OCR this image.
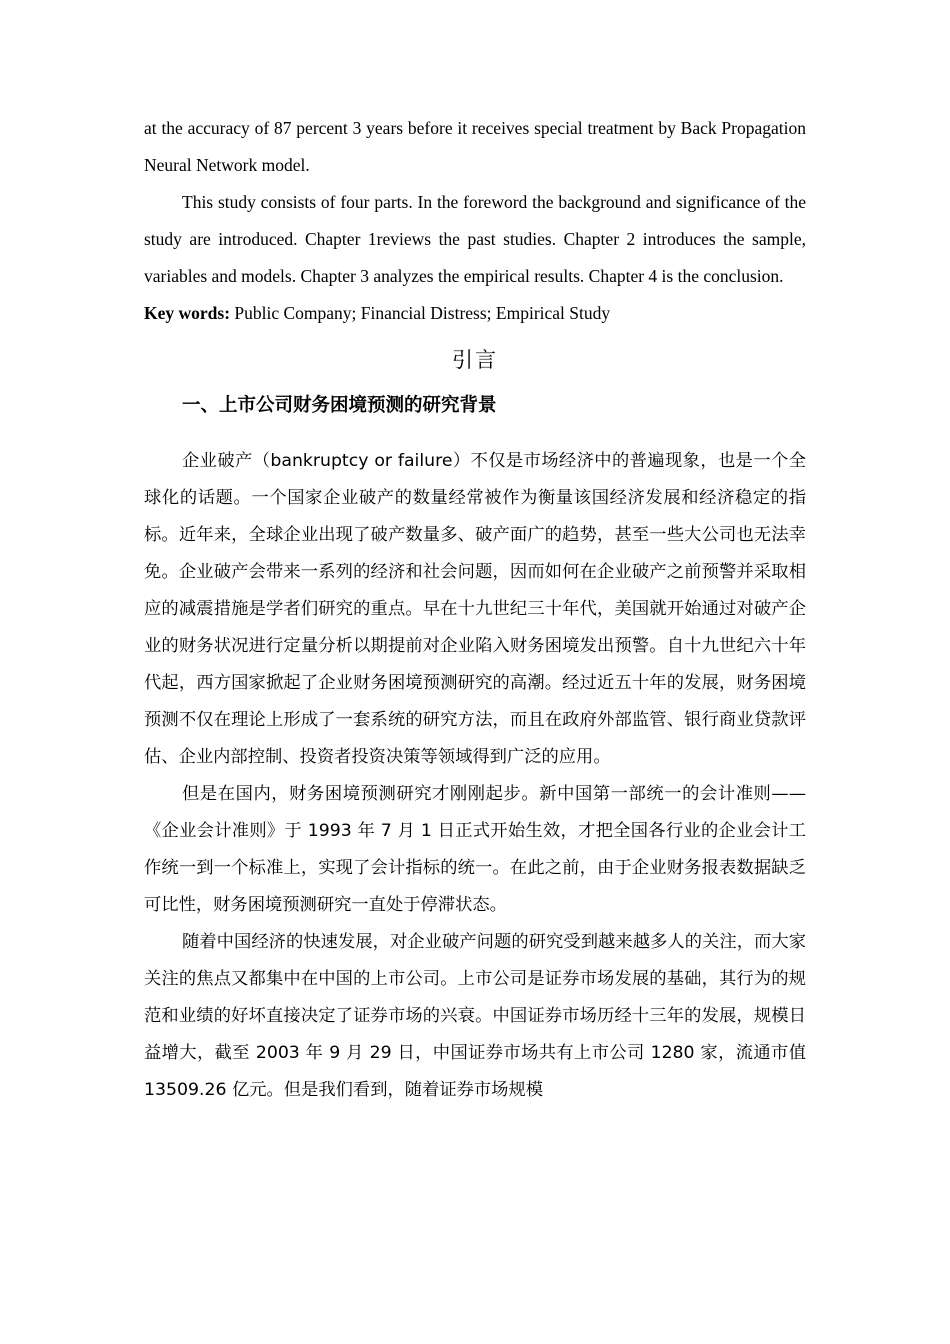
at the accuracy of 87 percent 3 years before it receives special treatment by Back Propagation Neural Network model.

This study consists of four parts. In the foreword the background and significance of the study are introduced. Chapter 1reviews the past studies. Chapter 2 introduces the sample, variables and models. Chapter 3 analyzes the empirical results. Chapter 4 is the conclusion.

Key words: Public Company; Financial Distress; Empirical Study

引言

一、上市公司财务困境预测的研究背景

企业破产（bankruptcy or failure）不仅是市场经济中的普遍现象，也是一个全球化的话题。一个国家企业破产的数量经常被作为衡量该国经济发展和经济稳定的指标。近年来，全球企业出现了破产数量多、破产面广的趋势，甚至一些大公司也无法幸免。企业破产会带来一系列的经济和社会问题，因而如何在企业破产之前预警并采取相应的减震措施是学者们研究的重点。早在十九世纪三十年代，美国就开始通过对破产企业的财务状况进行定量分析以期提前对企业陷入财务困境发出预警。自十九世纪六十年代起，西方国家掀起了企业财务困境预测研究的高潮。经过近五十年的发展，财务困境预测不仅在理论上形成了一套系统的研究方法，而且在政府外部监管、银行商业贷款评估、企业内部控制、投资者投资决策等领域得到广泛的应用。

但是在国内，财务困境预测研究才刚刚起步。新中国第一部统一的会计准则——《企业会计准则》于 1993 年 7 月 1 日正式开始生效，才把全国各行业的企业会计工作统一到一个标准上，实现了会计指标的统一。在此之前，由于企业财务报表数据缺乏可比性，财务困境预测研究一直处于停滞状态。

随着中国经济的快速发展，对企业破产问题的研究受到越来越多人的关注，而大家关注的焦点又都集中在中国的上市公司。上市公司是证券市场发展的基础，其行为的规范和业绩的好坏直接决定了证券市场的兴衰。中国证券市场历经十三年的发展，规模日益增大，截至 2003 年 9 月 29 日，中国证券市场共有上市公司 1280 家，流通市值 13509.26 亿元。但是我们看到，随着证券市场规模
